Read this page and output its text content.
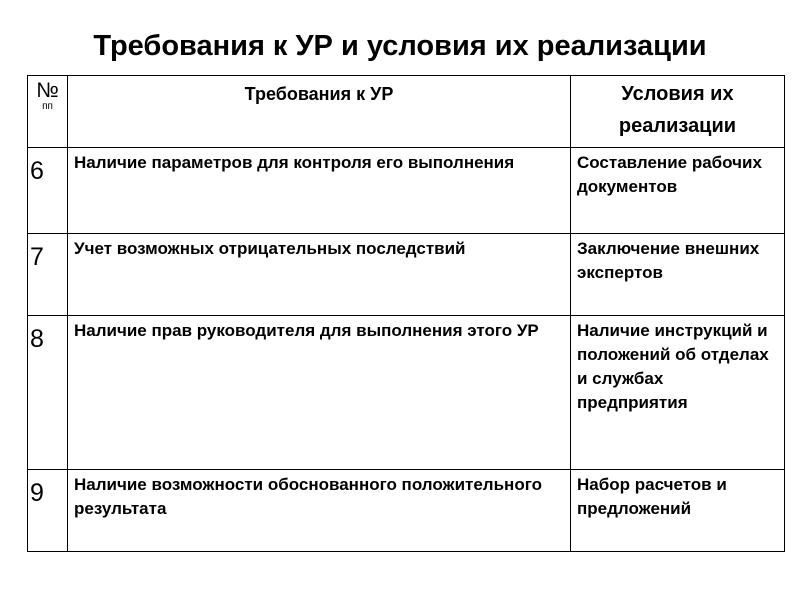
Требования к УР и условия их реализации
№
пп	Требования к УР	Условия их реализации
6	Наличие параметров для контроля его выполнения	Составление рабочих документов
7	Учет возможных отрицательных последствий	Заключение внешних экспертов
8	Наличие прав руководителя для выполнения этого УР	Наличие инструкций и положений об отделах и службах предприятия
9	Наличие возможности обоснованного положительного результата	Набор расчетов и предложений
